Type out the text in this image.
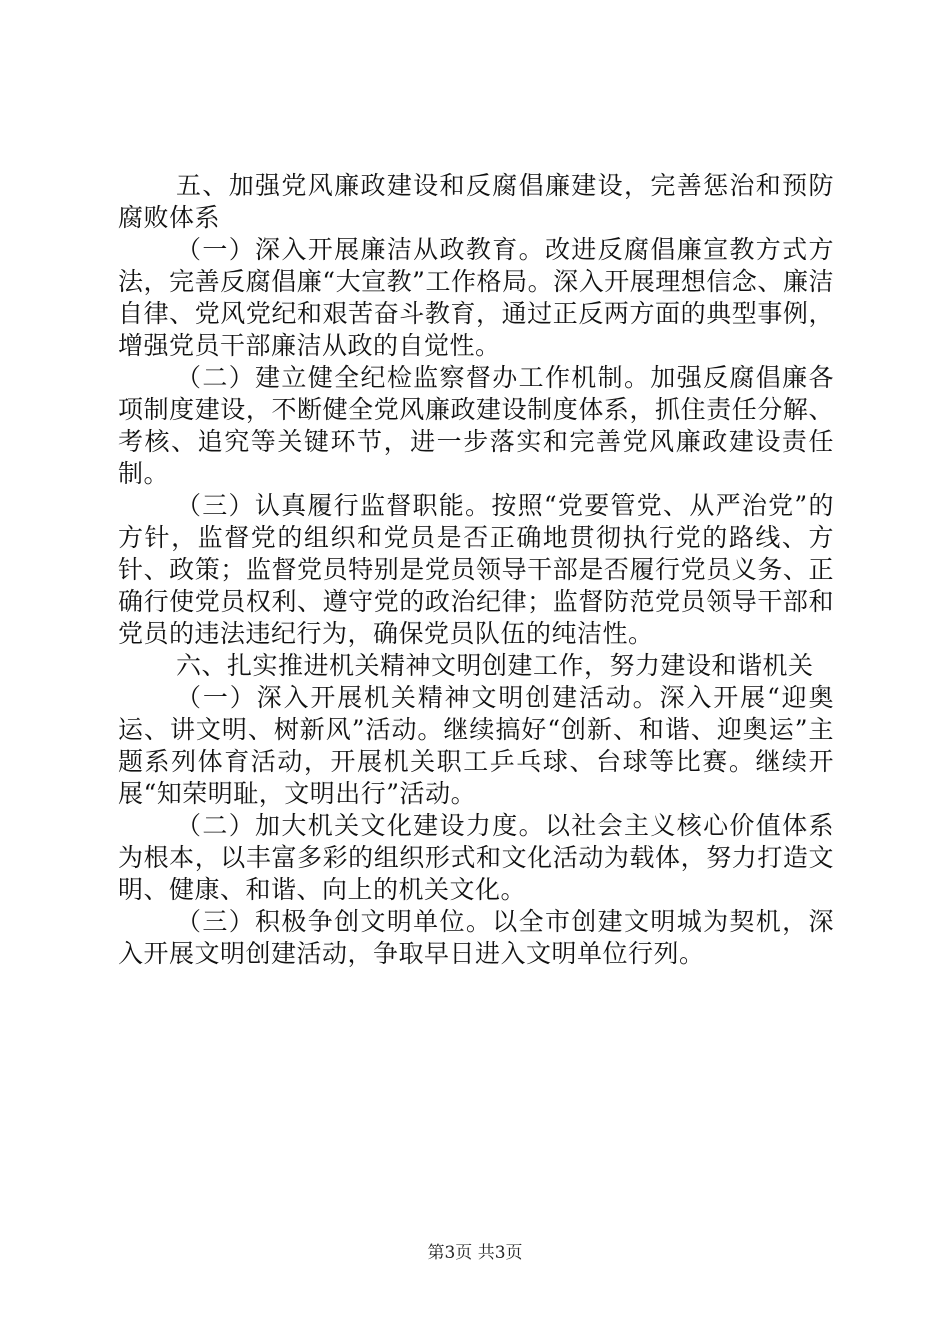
五、加强党风廉政建设和反腐倡廉建设，完善惩治和预防腐败体系

（一）深入开展廉洁从政教育。改进反腐倡廉宣教方式方法，完善反腐倡廉“大宣教”工作格局。深入开展理想信念、廉洁自律、党风党纪和艰苦奋斗教育，通过正反两方面的典型事例，增强党员干部廉洁从政的自觉性。

（二）建立健全纪检监察督办工作机制。加强反腐倡廉各项制度建设，不断健全党风廉政建设制度体系，抓住责任分解、考核、追究等关键环节，进一步落实和完善党风廉政建设责任制。

（三）认真履行监督职能。按照“党要管党、从严治党”的方针，监督党的组织和党员是否正确地贯彻执行党的路线、方针、政策；监督党员特别是党员领导干部是否履行党员义务、正确行使党员权利、遵守党的政治纪律；监督防范党员领导干部和党员的违法违纪行为，确保党员队伍的纯洁性。

六、扎实推进机关精神文明创建工作，努力建设和谐机关

（一）深入开展机关精神文明创建活动。深入开展“迎奥运、讲文明、树新风”活动。继续搞好“创新、和谐、迎奥运”主题系列体育活动，开展机关职工乒乓球、台球等比赛。继续开展“知荣明耻，文明出行”活动。

（二）加大机关文化建设力度。以社会主义核心价值体系为根本，以丰富多彩的组织形式和文化活动为载体，努力打造文明、健康、和谐、向上的机关文化。

（三）积极争创文明单位。以全市创建文明城为契机，深入开展文明创建活动，争取早日进入文明单位行列。

第3页 共3页
